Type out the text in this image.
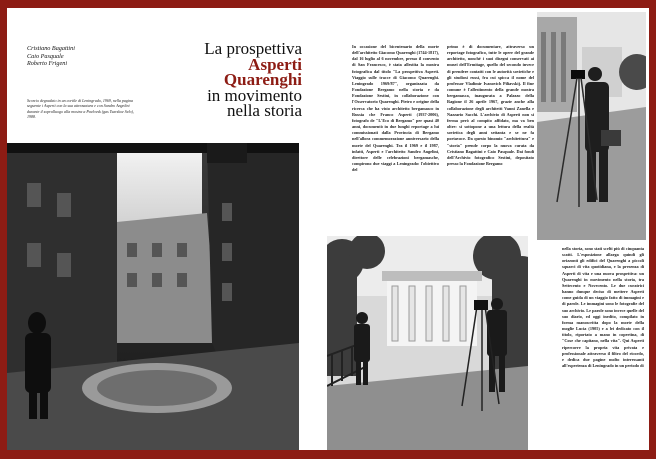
Cristiano Bagattini
Caio Pasquale
Roberto Frigeni
Scorcio degradato in un cortile di Leningrado, 1969, nella pagina seguente i Asperti con la sua attrezzatura e con Sandro Angelini durante il sopralluogo alla mostra a Pavlovsk (gas Tsarskoe Selo), 1988.
La prospettiva
Asperti
Quarenghi
in movimento
nella storia
In occasione del bicentenario della morte dell'architetto Giacomo Quarenghi (1744-1817), dal 16 luglio al 6 novembre, presso il convento di San Francesco, è stata allestita la mostra fotografica dal titolo "La prospettiva Asperti. Viaggio sulle tracce di Giacomo Quarenghi. Leningrado 1969/87", organizzata da Fondazione Bergamo nella storia e da Fondazione Sestini, in collaborazione con l'Osservatorio Quarenghi. Pietro e origine della ricerca che ha visto architetto bergamasco in Russia che Franco Asperti (1937-2006), fotografo de "L'Eco di Bergamo" per quasi 40 anni, documentò in due lunghi reportage a lui commissionati dalla Provincia di Bergamo nell'allora commemorazione anniversario della morte del Quarenghi. Tra il 1969 e il 1987, infatti, Asperti e l'architetto Sandro Angelini, direttore delle celebrazioni bergamasche, compirono due viaggi a Leningrado: l'obiettivo del
primo è di documentare, attraverso un reportage fotografico, tutte le opere del grande architetto, nonché i suoi disegni conservati ai musei dell'Ermitage, quello del secondo invece di prendere contatti con le autorità sovietiche e gli studiosi russi, fra cui spicca il nome del professor Vladimir Ivanovich Piliavskij. Il fine comune è l'allestimento della grande mostra bergamasca, inaugurata a Palazzo della Ragione il 26 aprile 1967, grazie anche alla collaborazione degli architetti Vanni Zanella e Nazzario Sacchi. L'archivio di Asperti non si ferma però al compito affidato, ma va ben oltre: si sottopone a una lettura della realtà sovietica degli anni settanta e se ne fa portavoce. Da questo binomio "architettura" e "storia" prende corpo la nuova curata da Cristiano Bagattini e Caio Pasquale. Dai fondi dell'Archivio fotografico Sestini, depositato presso la Fondazione Bergamo
nella storia, sono stati scelti più di cinquanta scatti. L'esposizione allarga quindi gli orizzonti gli edifici del Quarenghi a piccoli squarci di vita quotidiana, e la presenza di Asperti di vita e una nuova prospettiva: un Quarenghi in movimento nella storia, tra Settecento e Novecento. Le due curatrici hanno dunque deciso di mettere Asperti come guida di un viaggio fatto di immagini e di parole. Le immagini sono le fotografie del suo archivio. Le parole sono invece quelle del suo diario, ed oggi inedito, compilato in forma manoscritta dopo la morte della moglie Lucia (1905) e a lei dedicato con il titolo, riportato a mano in copertina, di "Cose che capitano, nella vita". Qui Asperti ripercorre la propria vita privata e professionale attraverso il filtro del ricordo, e dedica due pagine molto interessanti all'esperienza di Leningrado in un periodo di
